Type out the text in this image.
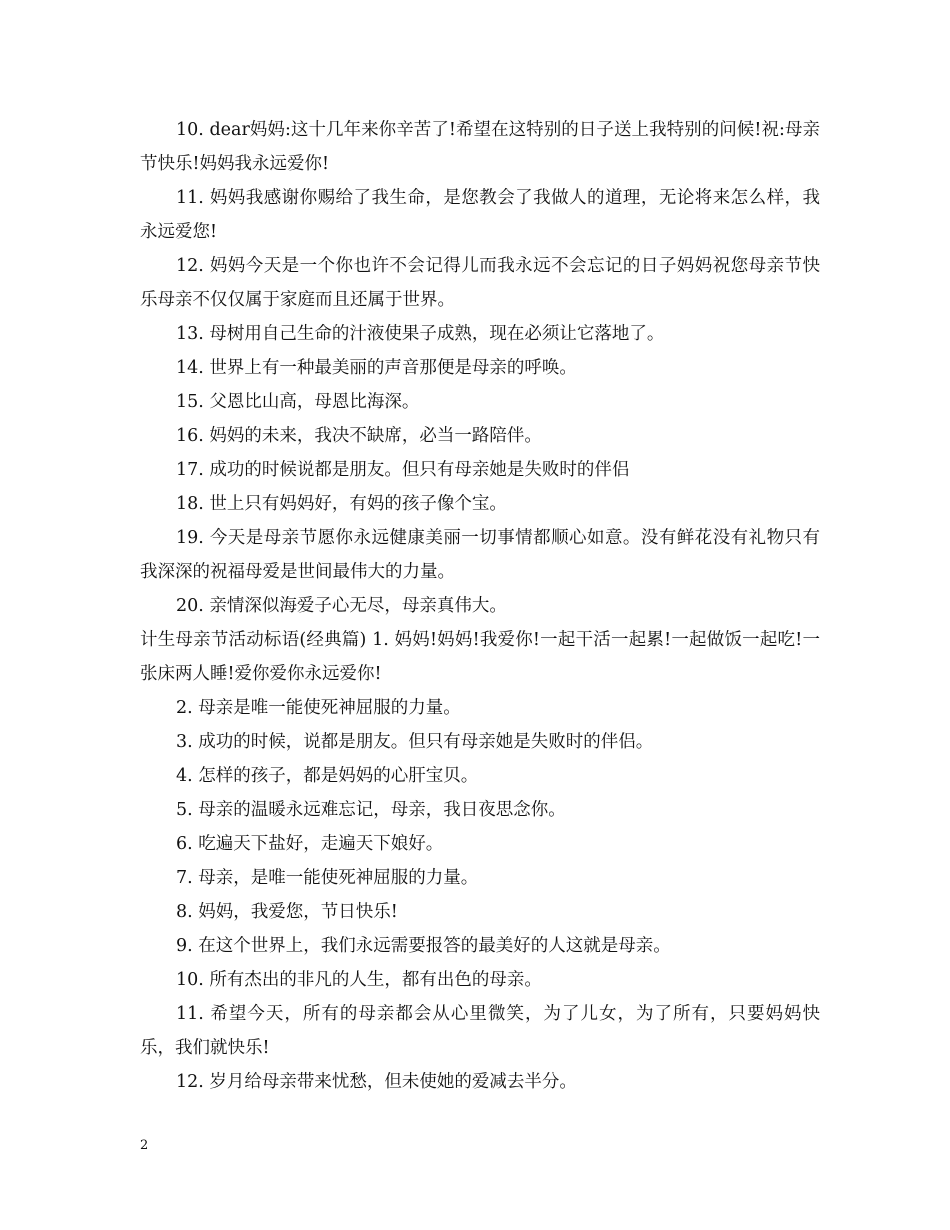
10. dear妈妈:这十几年来你辛苦了!希望在这特别的日子送上我特别的问候!祝:母亲节快乐!妈妈我永远爱你!

11. 妈妈我感谢你赐给了我生命，是您教会了我做人的道理，无论将来怎么样，我永远爱您!

12. 妈妈今天是一个你也许不会记得儿而我永远不会忘记的日子妈妈祝您母亲节快乐母亲不仅仅属于家庭而且还属于世界。

13. 母树用自己生命的汁液使果子成熟，现在必须让它落地了。

14. 世界上有一种最美丽的声音那便是母亲的呼唤。

15. 父恩比山高，母恩比海深。

16. 妈妈的未来，我决不缺席，必当一路陪伴。

17. 成功的时候说都是朋友。但只有母亲她是失败时的伴侣

18. 世上只有妈妈好，有妈的孩子像个宝。

19. 今天是母亲节愿你永远健康美丽一切事情都顺心如意。没有鲜花没有礼物只有我深深的祝福母爱是世间最伟大的力量。

20. 亲情深似海爱子心无尽，母亲真伟大。

计生母亲节活动标语(经典篇) 1. 妈妈!妈妈!我爱你!一起干活一起累!一起做饭一起吃!一张床两人睡!爱你爱你永远爱你!

2. 母亲是唯一能使死神屈服的力量。

3. 成功的时候，说都是朋友。但只有母亲她是失败时的伴侣。

4. 怎样的孩子，都是妈妈的心肝宝贝。

5. 母亲的温暖永远难忘记，母亲，我日夜思念你。

6. 吃遍天下盐好，走遍天下娘好。

7. 母亲，是唯一能使死神屈服的力量。

8. 妈妈，我爱您，节日快乐!

9. 在这个世界上，我们永远需要报答的最美好的人这就是母亲。

10. 所有杰出的非凡的人生，都有出色的母亲。

11. 希望今天，所有的母亲都会从心里微笑，为了儿女，为了所有，只要妈妈快乐，我们就快乐!

12. 岁月给母亲带来忧愁，但未使她的爱减去半分。

2
